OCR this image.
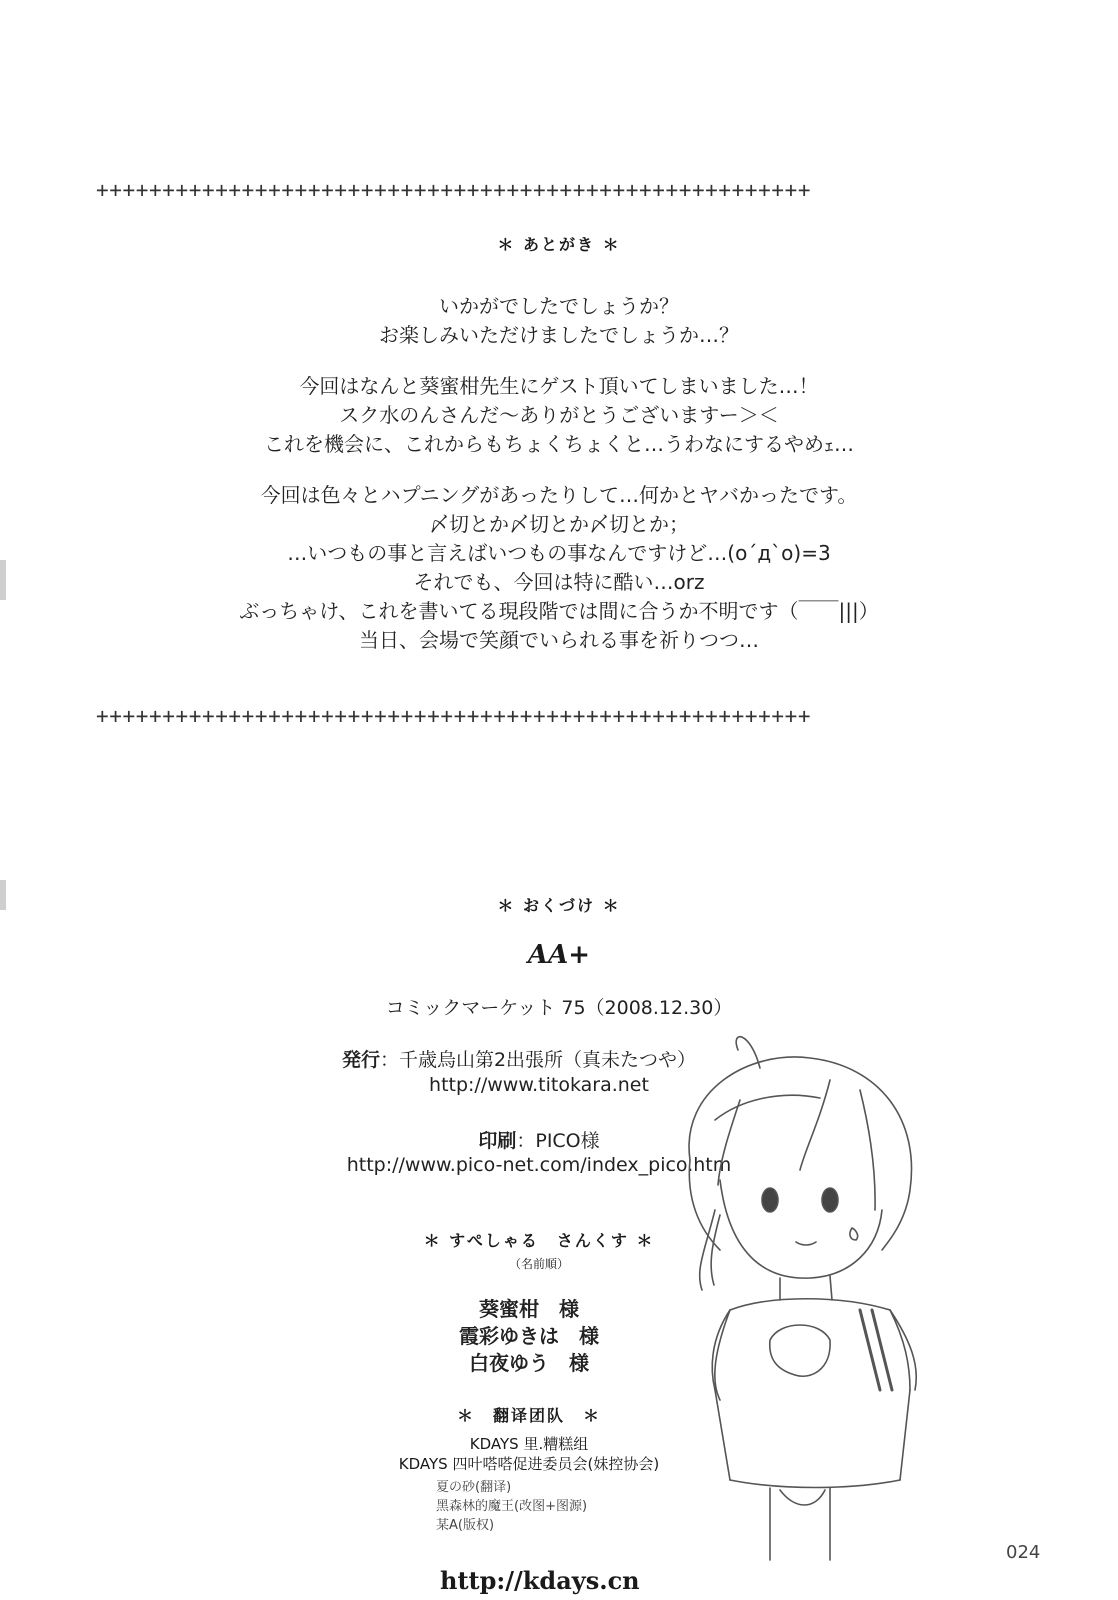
++++++++++++++++++++++++++++++++++++++++++++++++++++++
＊ あとがき ＊
いかがでしたでしょうか？
お楽しみいただけましたでしょうか…？
今回はなんと葵蜜柑先生にゲスト頂いてしまいました…！
スク水のんさんだ～ありがとうございますー＞＜
これを機会に、これからもちょくちょくと…うわなにするやめｪ…
今回は色々とハプニングがあったりして…何かとヤバかったです。
〆切とか〆切とか〆切とか；
…いつもの事と言えばいつもの事なんですけど…(o´д`o)=3
それでも、今回は特に酷い…orz
ぶっちゃけ、これを書いてる現段階では間に合うか不明です（￣￣|||）
当日、会場で笑顔でいられる事を祈りつつ…
++++++++++++++++++++++++++++++++++++++++++++++++++++++
＊ おくづけ ＊
AA+
コミックマーケット 75（2008.12.30）
発行：千歳烏山第2出張所（真未たつや）
http://www.titokara.net
印刷：PICO様
http://www.pico-net.com/index_pico.htm
＊ すぺしゃる　さんくす ＊
（名前順）
葵蜜柑　様
霞彩ゆきは　様
白夜ゆう　様
＊　翻译团队　＊
KDAYS 里.糟糕组
KDAYS 四叶嗒嗒促进委员会(妹控协会)
夏の砂(翻译)
黑森林的魔王(改图+图源)
某A(版权)
024
http://kdays.cn
